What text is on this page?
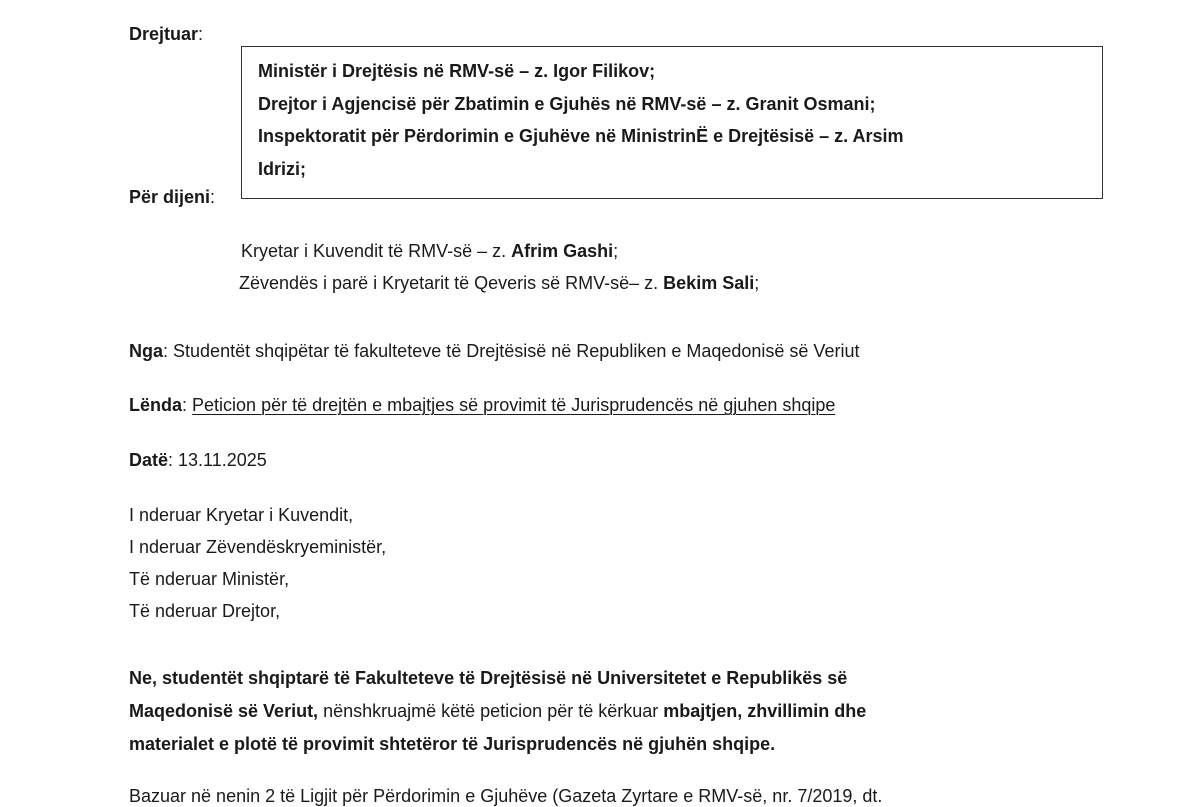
Drejtuar:
Ministër i Drejtësis në RMV-së – z. Igor Filikov;
Drejtor i Agjencisë për Zbatimin e Gjuhës në RMV-së – z. Granit Osmani;
Inspektoratit për Përdorimin e Gjuhëve në MinistrinË e Drejtësisë – z. Arsim
Idrizi;
Për dijeni:
Kryetar i Kuvendit të RMV-së – z. Afrim Gashi;
Zëvendës i parë i Kryetarit të Qeveris së RMV-së– z. Bekim Sali;
Nga: Studentët shqipëtar të fakulteteve të Drejtësisë në Republiken e Maqedonisë së Veriut
Lënda: Peticion për të drejtën e mbajtjes së provimit të Jurisprudencës në gjuhen shqipe
Datë: 13.11.2025
I nderuar Kryetar i Kuvendit,
I nderuar Zëvendëskryeministër,
Të nderuar Ministër,
Të nderuar Drejtor,
Ne, studentët shqiptarë të Fakulteteve të Drejtësisë në Universitetet e Republikës së
Maqedonisë së Veriut, nënshkruajmë këtë peticion për të kërkuar mbajtjen, zhvillimin dhe
materialet e plotë të provimit shtetëror të Jurisprudencës në gjuhën shqipe.
Bazuar në nenin 2 të Ligjit për Përdorimin e Gjuhëve (Gazeta Zyrtare e RMV-së, nr. 7/2019, dt.
